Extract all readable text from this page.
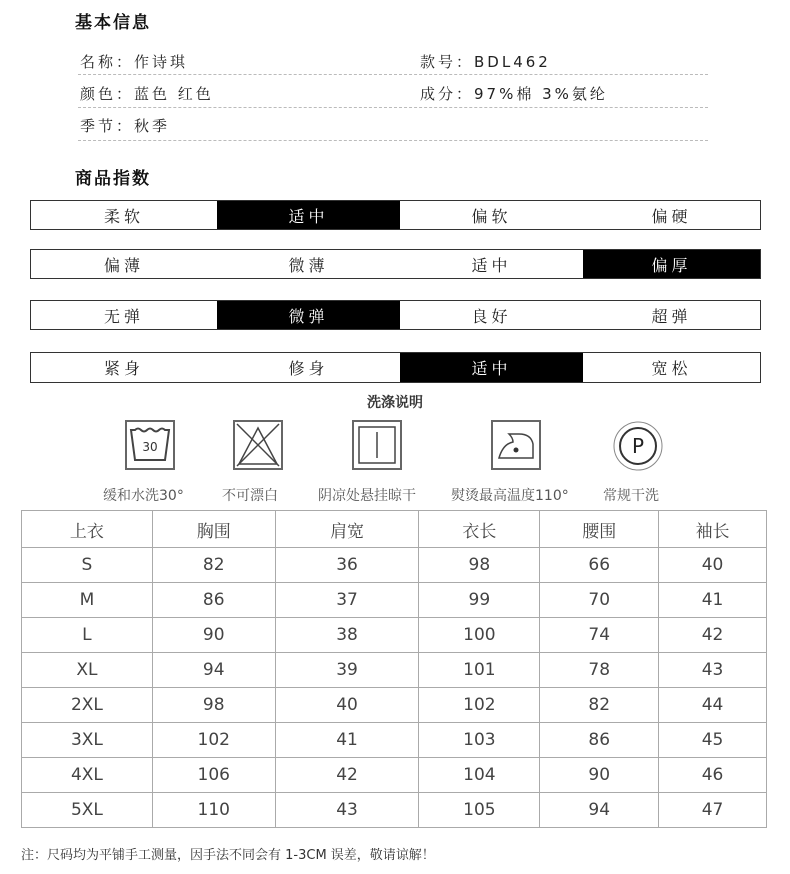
基本信息
名称：作诗琪	款号：BDL462
颜色：蓝色 红色	成分：97%棉 3%氨纶
季节：秋季
商品指数
柔软	适中	偏软	偏硬
偏薄	微薄	适中	偏厚
无弹	微弹	良好	超弹
紧身	修身	适中	宽松
洗涤说明
30	P
缓和水洗30°	不可漂白	阴凉处悬挂晾干	熨烫最高温度110° 常规干洗
上衣	胸围	肩宽	衣长	腰围	袖长
S	82	36	98	66	40
M	86	37	99	70	41
L	90	38	100	74	42
XL	94	39	101	78	43
2XL	98	40	102	82	44
3XL	102	41	103	86	45
4XL	106	42	104	90	46
5XL	110	43	105	94	47
注：尺码均为平铺手工测量，因手法不同会有 1-3CM 误差，敬请谅解！
